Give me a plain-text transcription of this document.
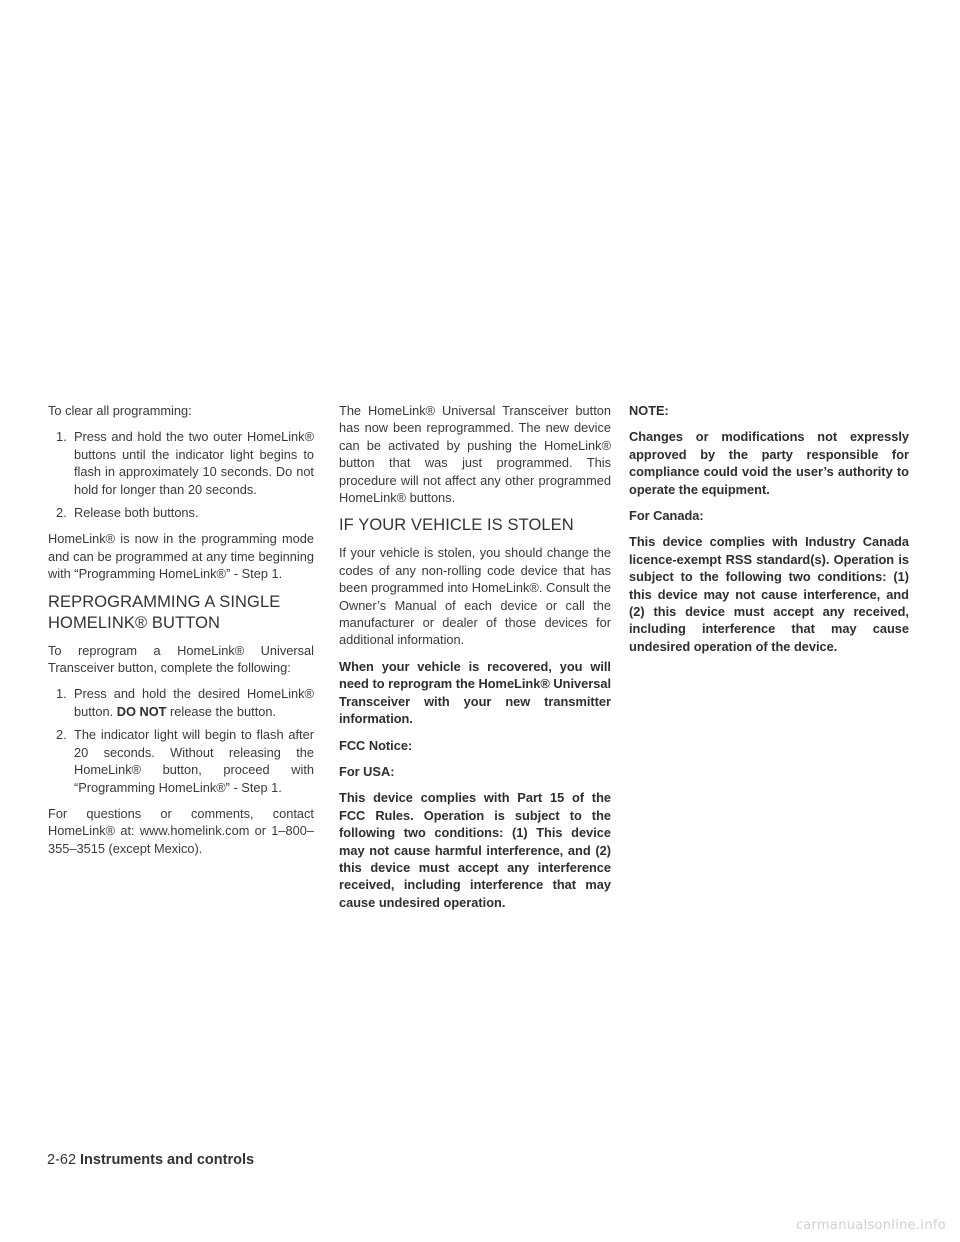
To clear all programming:

1. Press and hold the two outer HomeLink® buttons until the indicator light begins to flash in approximately 10 seconds. Do not hold for longer than 20 seconds.
2. Release both buttons.

HomeLink® is now in the programming mode and can be programmed at any time beginning with “Programming HomeLink®” - Step 1.

REPROGRAMMING A SINGLE
HOMELINK® BUTTON

To reprogram a HomeLink® Universal Transceiver button, complete the following:

1. Press and hold the desired HomeLink® button. DO NOT release the button.
2. The indicator light will begin to flash after 20 seconds. Without releasing the HomeLink® button, proceed with “Programming HomeLink®” - Step 1.

For questions or comments, contact HomeLink® at: www.homelink.com or 1–800–355–3515 (except Mexico).

The HomeLink® Universal Transceiver button has now been reprogrammed. The new device can be activated by pushing the HomeLink® button that was just programmed. This procedure will not affect any other programmed HomeLink® buttons.

IF YOUR VEHICLE IS STOLEN

If your vehicle is stolen, you should change the codes of any non-rolling code device that has been programmed into HomeLink®. Consult the Owner’s Manual of each device or call the manufacturer or dealer of those devices for additional information.

When your vehicle is recovered, you will need to reprogram the HomeLink® Universal Transceiver with your new transmitter information.

FCC Notice:

For USA:

This device complies with Part 15 of the FCC Rules. Operation is subject to the following two conditions: (1) This device may not cause harmful interference, and (2) this device must accept any interference received, including interference that may cause undesired operation.

NOTE:

Changes or modifications not expressly approved by the party responsible for compliance could void the user’s authority to operate the equipment.

For Canada:

This device complies with Industry Canada licence-exempt RSS standard(s). Operation is subject to the following two conditions: (1) this device may not cause interference, and (2) this device must accept any received, including interference that may cause undesired operation of the device.

2-62 Instruments and controls
carmanualsonline.info
